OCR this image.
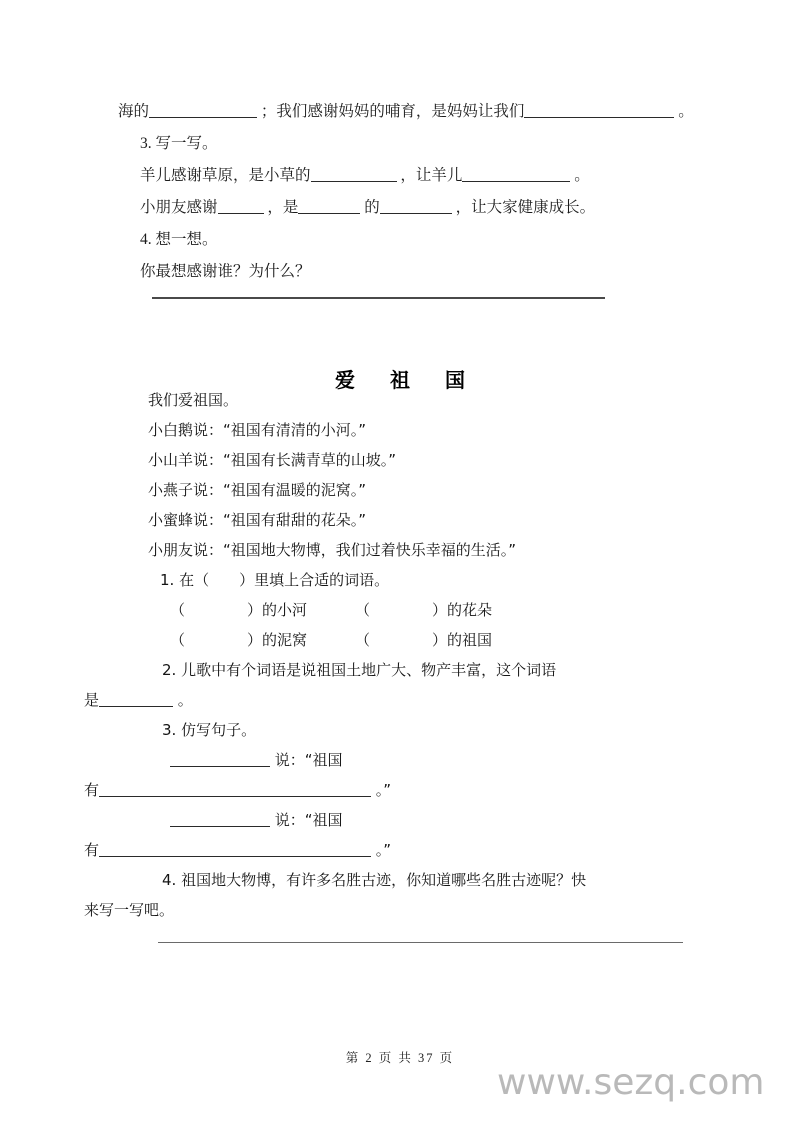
海的	；我们感谢妈妈的哺育，是妈妈让我们	。
3. 写一写。
羊儿感谢草原，是小草的	，让羊儿	。
小朋友感谢	，是	的	，让大家健康成长。
4. 想一想。
你最想感谢谁？为什么？
爱 祖 国
我们爱祖国。
小白鹅说：“祖国有清清的小河。”
小山羊说：“祖国有长满青草的山坡。”
小燕子说：“祖国有温暖的泥窝。”
小蜜蜂说：“祖国有甜甜的花朵。”
小朋友说：“祖国地大物博，我们过着快乐幸福的生活。”
1. 在（ ）里填上合适的词语。
（	）的小河	（	）的花朵
（	）的泥窝	（	）的祖国
2. 儿歌中有个词语是说祖国土地广大、物产丰富，这个词语
是	。
3. 仿写句子。
说：“祖国
有	。”
说：“祖国
有	。”
4. 祖国地大物博，有许多名胜古迹，你知道哪些名胜古迹呢？快
来写一写吧。
第 2 页 共 37 页
www.sezq.com
